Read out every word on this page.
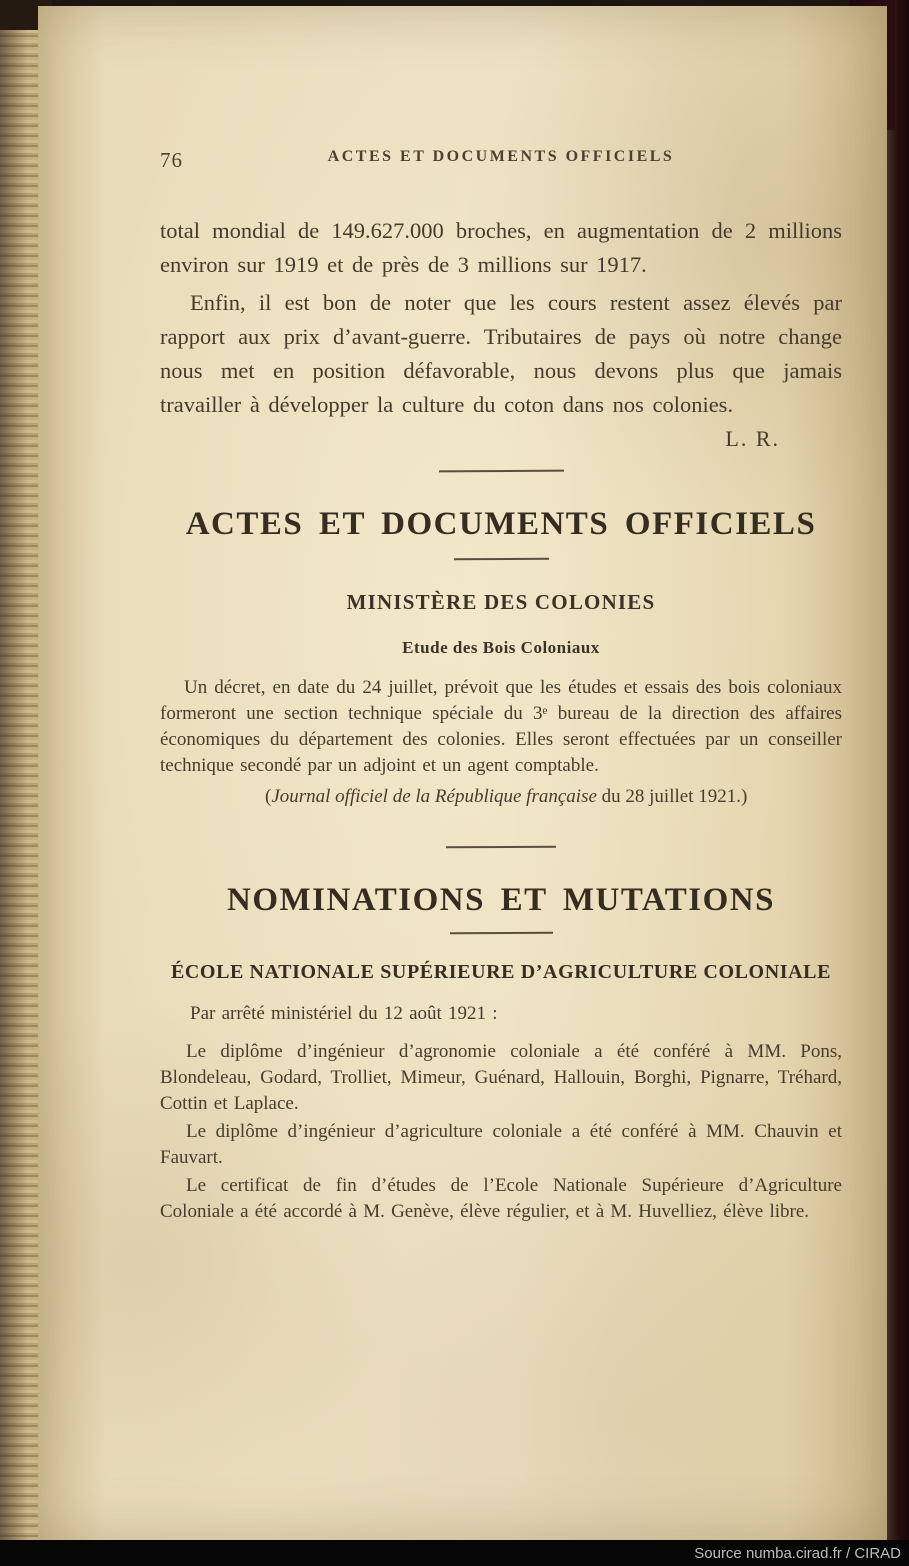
76	ACTES ET DOCUMENTS OFFICIELS

total mondial de 149.627.000 broches, en augmentation de 2 millions environ sur 1919 et de près de 3 millions sur 1917.

Enfin, il est bon de noter que les cours restent assez élevés par rapport aux prix d’avant-guerre. Tributaires de pays où notre change nous met en position défavorable, nous devons plus que jamais travailler à développer la culture du coton dans nos colonies.

L. R.
ACTES ET DOCUMENTS OFFICIELS
MINISTÈRE DES COLONIES
Etude des Bois Coloniaux

Un décret, en date du 24 juillet, prévoit que les études et essais des bois coloniaux formeront une section technique spéciale du 3ᵉ bureau de la direction des affaires économiques du département des colonies. Elles seront effectuées par un conseiller technique secondé par un adjoint et un agent comptable.

(Journal officiel de la République française du 28 juillet 1921.)
NOMINATIONS ET MUTATIONS
ÉCOLE NATIONALE SUPÉRIEURE D’AGRICULTURE COLONIALE

Par arrêté ministériel du 12 août 1921 :

Le diplôme d’ingénieur d’agronomie coloniale a été conféré à MM. Pons, Blondeleau, Godard, Trolliet, Mimeur, Guénard, Hallouin, Borghi, Pignarre, Tréhard, Cottin et Laplace.

Le diplôme d’ingénieur d’agriculture coloniale a été conféré à MM. Chauvin et Fauvart.

Le certificat de fin d’études de l’Ecole Nationale Supérieure d’Agriculture Coloniale a été accordé à M. Genève, élève régulier, et à M. Huvelliez, élève libre.

Source numba.cirad.fr / CIRAD
